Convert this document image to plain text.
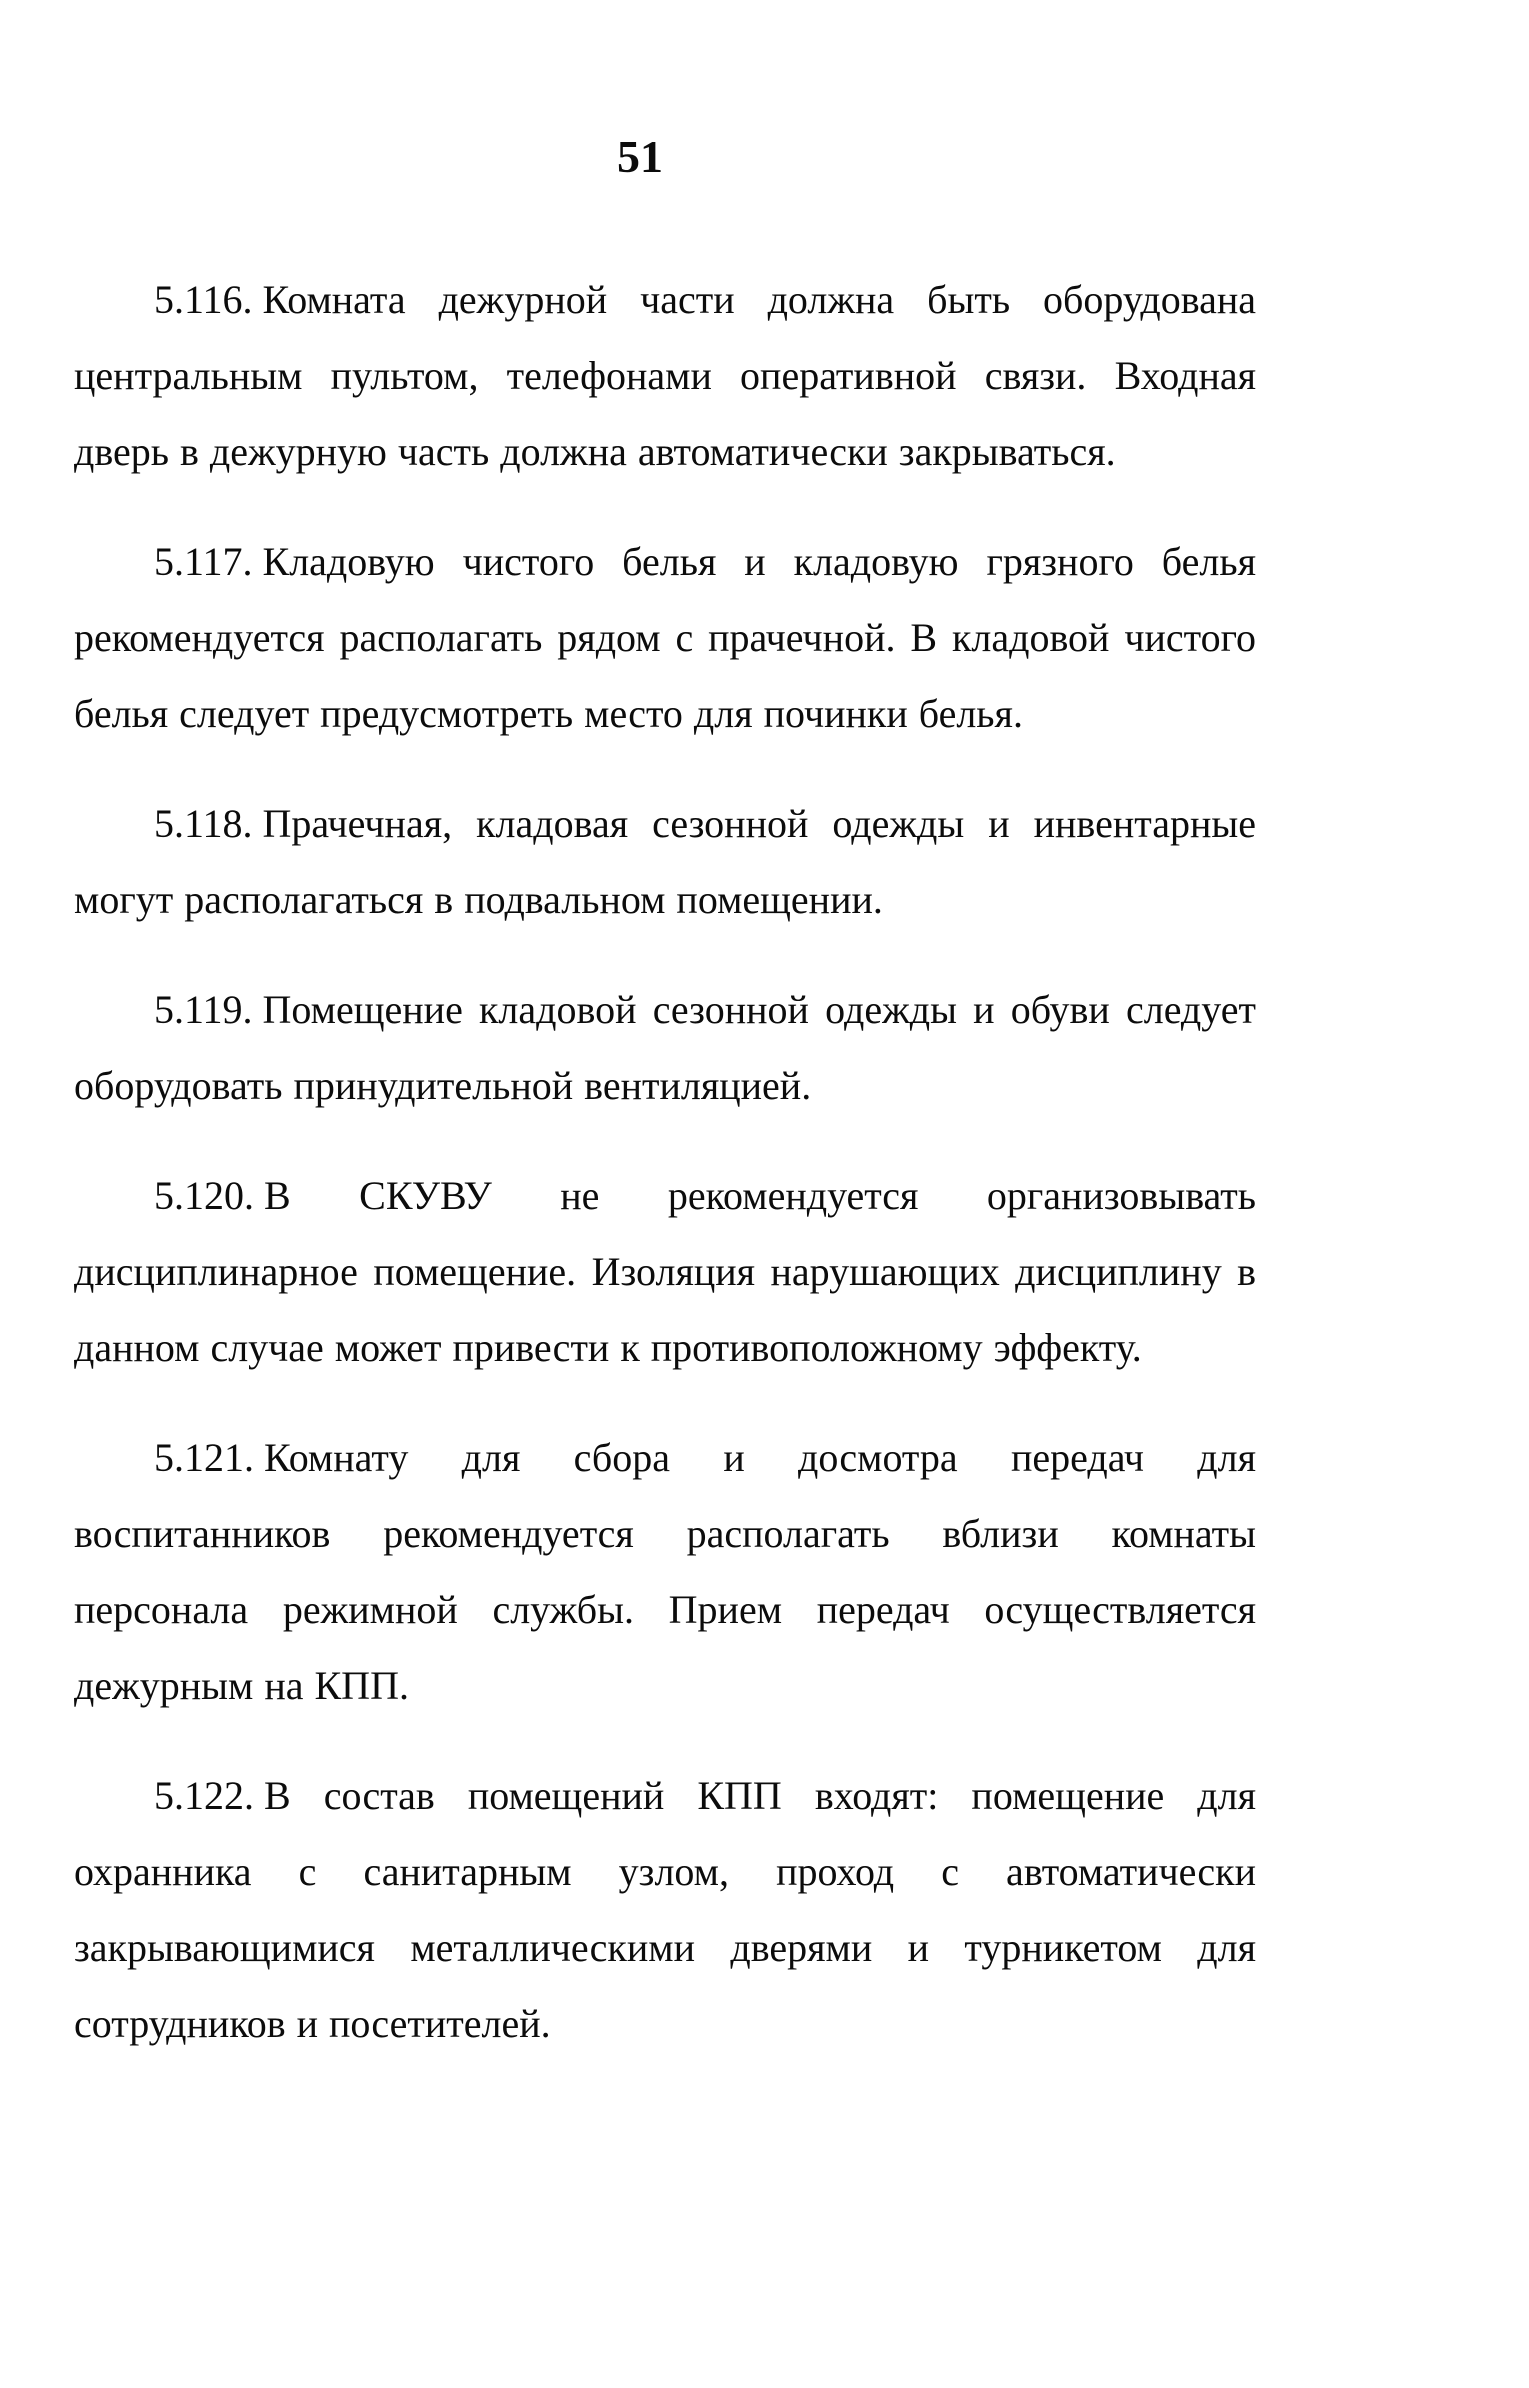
51

5.116. Комната дежурной части должна быть оборудована центральным пультом, телефонами оперативной связи. Входная дверь в дежурную часть должна автоматически закрываться.

5.117. Кладовую чистого белья и кладовую грязного белья рекомендуется располагать рядом с прачечной. В кладовой чистого белья следует предусмотреть место для починки белья.

5.118. Прачечная, кладовая сезонной одежды и инвентарные могут располагаться в подвальном помещении.

5.119. Помещение кладовой сезонной одежды и обуви следует оборудовать принудительной вентиляцией.

5.120. В СКУВУ не рекомендуется организовывать дисциплинарное помещение. Изоляция нарушающих дисциплину в данном случае может привести к противоположному эффекту.

5.121. Комнату для сбора и досмотра передач для воспитанников рекомендуется располагать вблизи комнаты персонала режимной службы. Прием передач осуществляется дежурным на КПП.

5.122. В состав помещений КПП входят: помещение для охранника с санитарным узлом, проход с автоматически закрывающимися металлическими дверями и турникетом для сотрудников и посетителей.
